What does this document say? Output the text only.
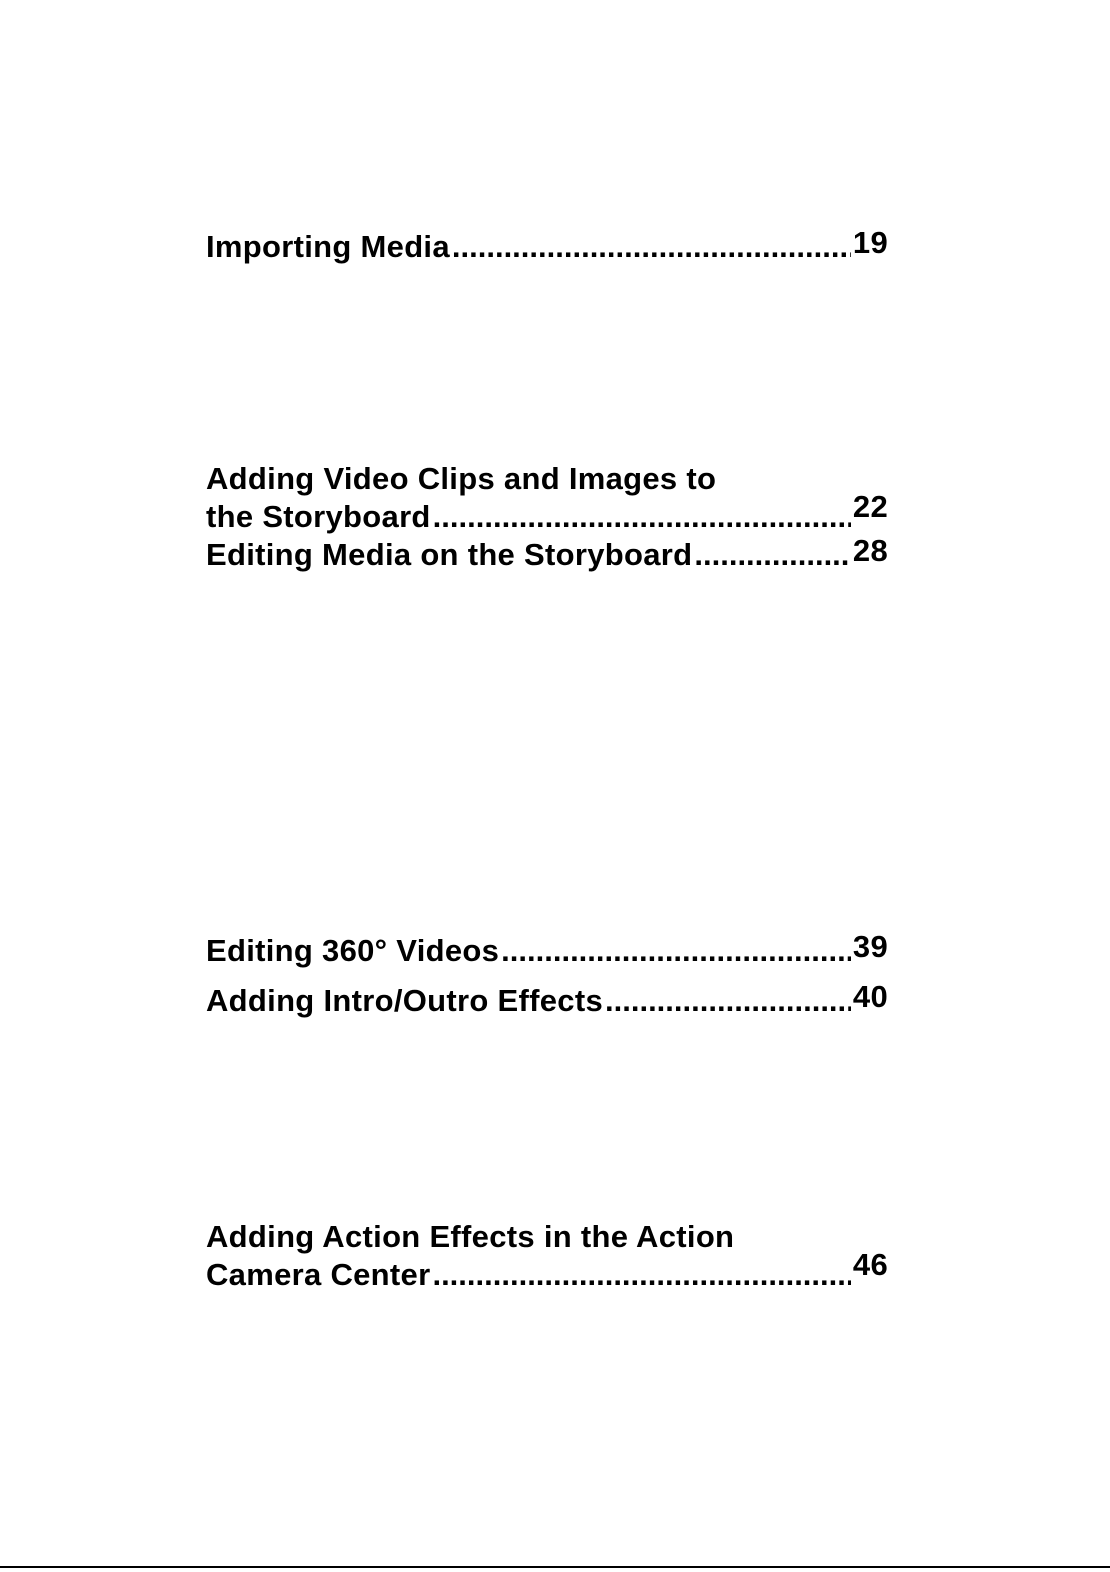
Importing Media .....	19
Adding Video Clips and Images to
the Storyboard .....	22
Editing Media on the Storyboard .....	28
Editing 360° Videos .....	39
Adding Intro/Outro Effects .....	40
Adding Action Effects in the Action
Camera Center .....	46
